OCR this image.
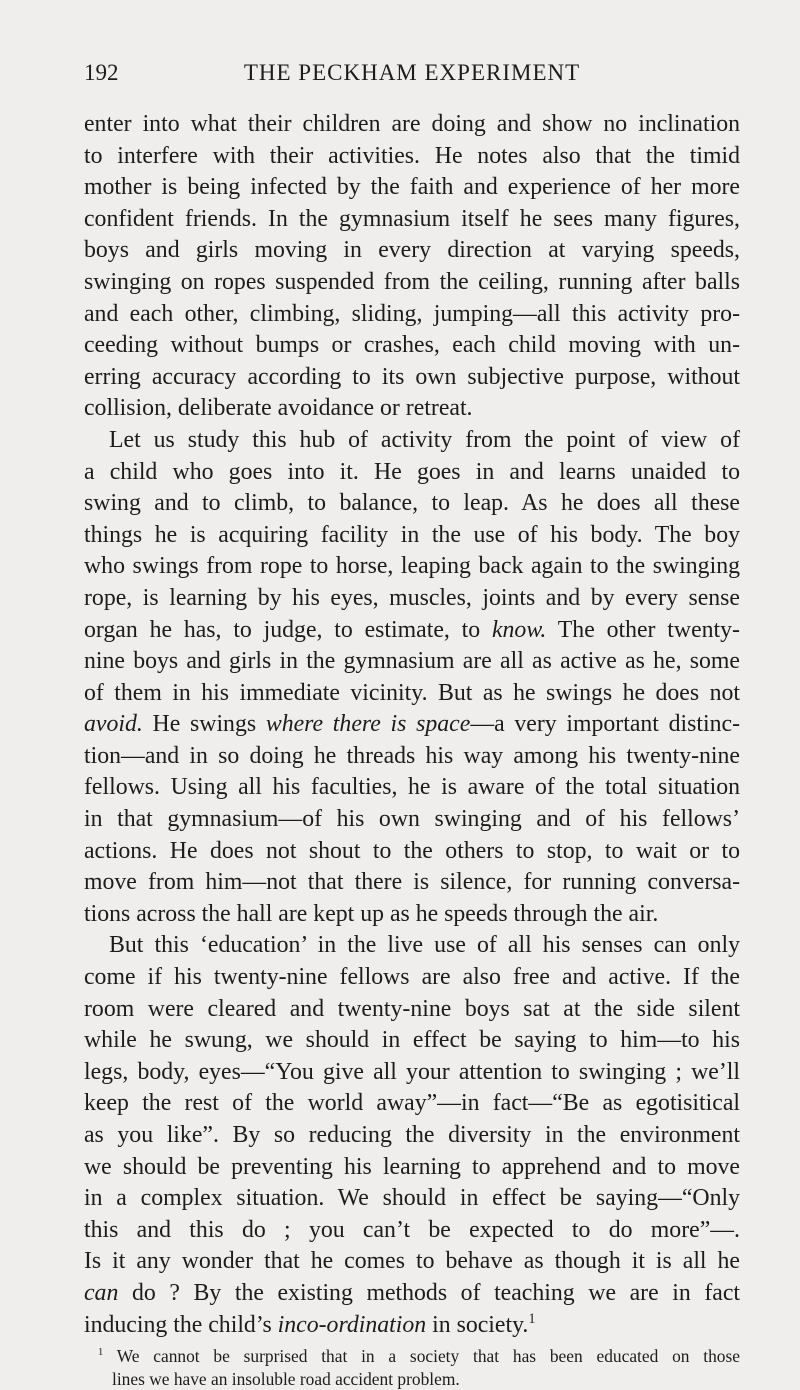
192	THE PECKHAM EXPERIMENT
enter into what their children are doing and show no inclination
to interfere with their activities. He notes also that the timid
mother is being infected by the faith and experience of her more
confident friends. In the gymnasium itself he sees many figures,
boys and girls moving in every direction at varying speeds,
swinging on ropes suspended from the ceiling, running after balls
and each other, climbing, sliding, jumping—all this activity pro-
ceeding without bumps or crashes, each child moving with un-
erring accuracy according to its own subjective purpose, without
collision, deliberate avoidance or retreat.
Let us study this hub of activity from the point of view of
a child who goes into it. He goes in and learns unaided to
swing and to climb, to balance, to leap. As he does all these
things he is acquiring facility in the use of his body. The boy
who swings from rope to horse, leaping back again to the swinging
rope, is learning by his eyes, muscles, joints and by every sense
organ he has, to judge, to estimate, to know. The other twenty-
nine boys and girls in the gymnasium are all as active as he, some
of them in his immediate vicinity. But as he swings he does not
avoid. He swings where there is space—a very important distinc-
tion—and in so doing he threads his way among his twenty-nine
fellows. Using all his faculties, he is aware of the total situation
in that gymnasium—of his own swinging and of his fellows’
actions. He does not shout to the others to stop, to wait or to
move from him—not that there is silence, for running conversa-
tions across the hall are kept up as he speeds through the air.
But this ‘education’ in the live use of all his senses can only
come if his twenty-nine fellows are also free and active. If the
room were cleared and twenty-nine boys sat at the side silent
while he swung, we should in effect be saying to him—to his
legs, body, eyes—“You give all your attention to swinging ; we’ll
keep the rest of the world away”—in fact—“Be as egotisitical
as you like”. By so reducing the diversity in the environment
we should be preventing his learning to apprehend and to move
in a complex situation. We should in effect be saying—“Only
this and this do ; you can’t be expected to do more”—.
Is it any wonder that he comes to behave as though it is all he
can do ? By the existing methods of teaching we are in fact
inducing the child’s inco-ordination in society.$^1$
$^1$ We cannot be surprised that in a society that has been educated on those
lines we have an insoluble road accident problem.
